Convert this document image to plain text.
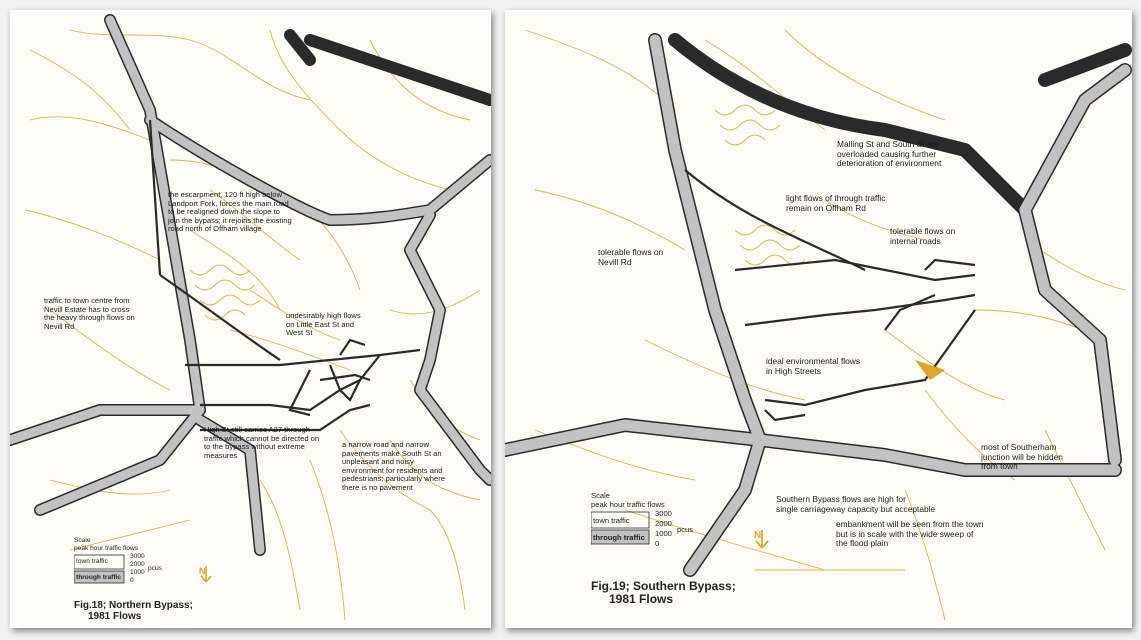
the escarpment, 120 ft high below
Landport Fork, forces the main road
to be realigned down the slope to
join the bypass; it rejoins the existing
road north of Offham village

traffic to town centre from
Nevill Estate has to cross
the heavy through flows on
Nevill Rd

undesirably high flows
on Little East St and
West St

High St still carries A27 through
traffic which cannot be directed on
to the bypass without extreme
measures

a narrow road and narrow
pavements make South St an
unpleasant and noisy
environment for residents and
pedestrians; particularly where
there is no pavement

Scale
peak hour traffic flows
town traffic
through traffic
3000
2000
1000
0
pcus	N
Fig.18; Northern Bypass;
1981 Flows

Malling St and South St are
overloaded causing further
deterioration of environment

light flows of through traffic
remain on Offham Rd

tolerable flows on
internal roads

tolerable flows on
Nevill Rd

ideal environmental flows
in High Streets

most of Southerham
junction will be hidden
from town

Southern Bypass flows are high for
single carriageway capacity but acceptable

embankment will be seen from the town
but is in scale with the wide sweep of
the flood plain

Scale
peak hour traffic flows
town traffic
through traffic
3000
2000
1000
0
pcus
N
Fig.19; Southern Bypass;
1981 Flows
